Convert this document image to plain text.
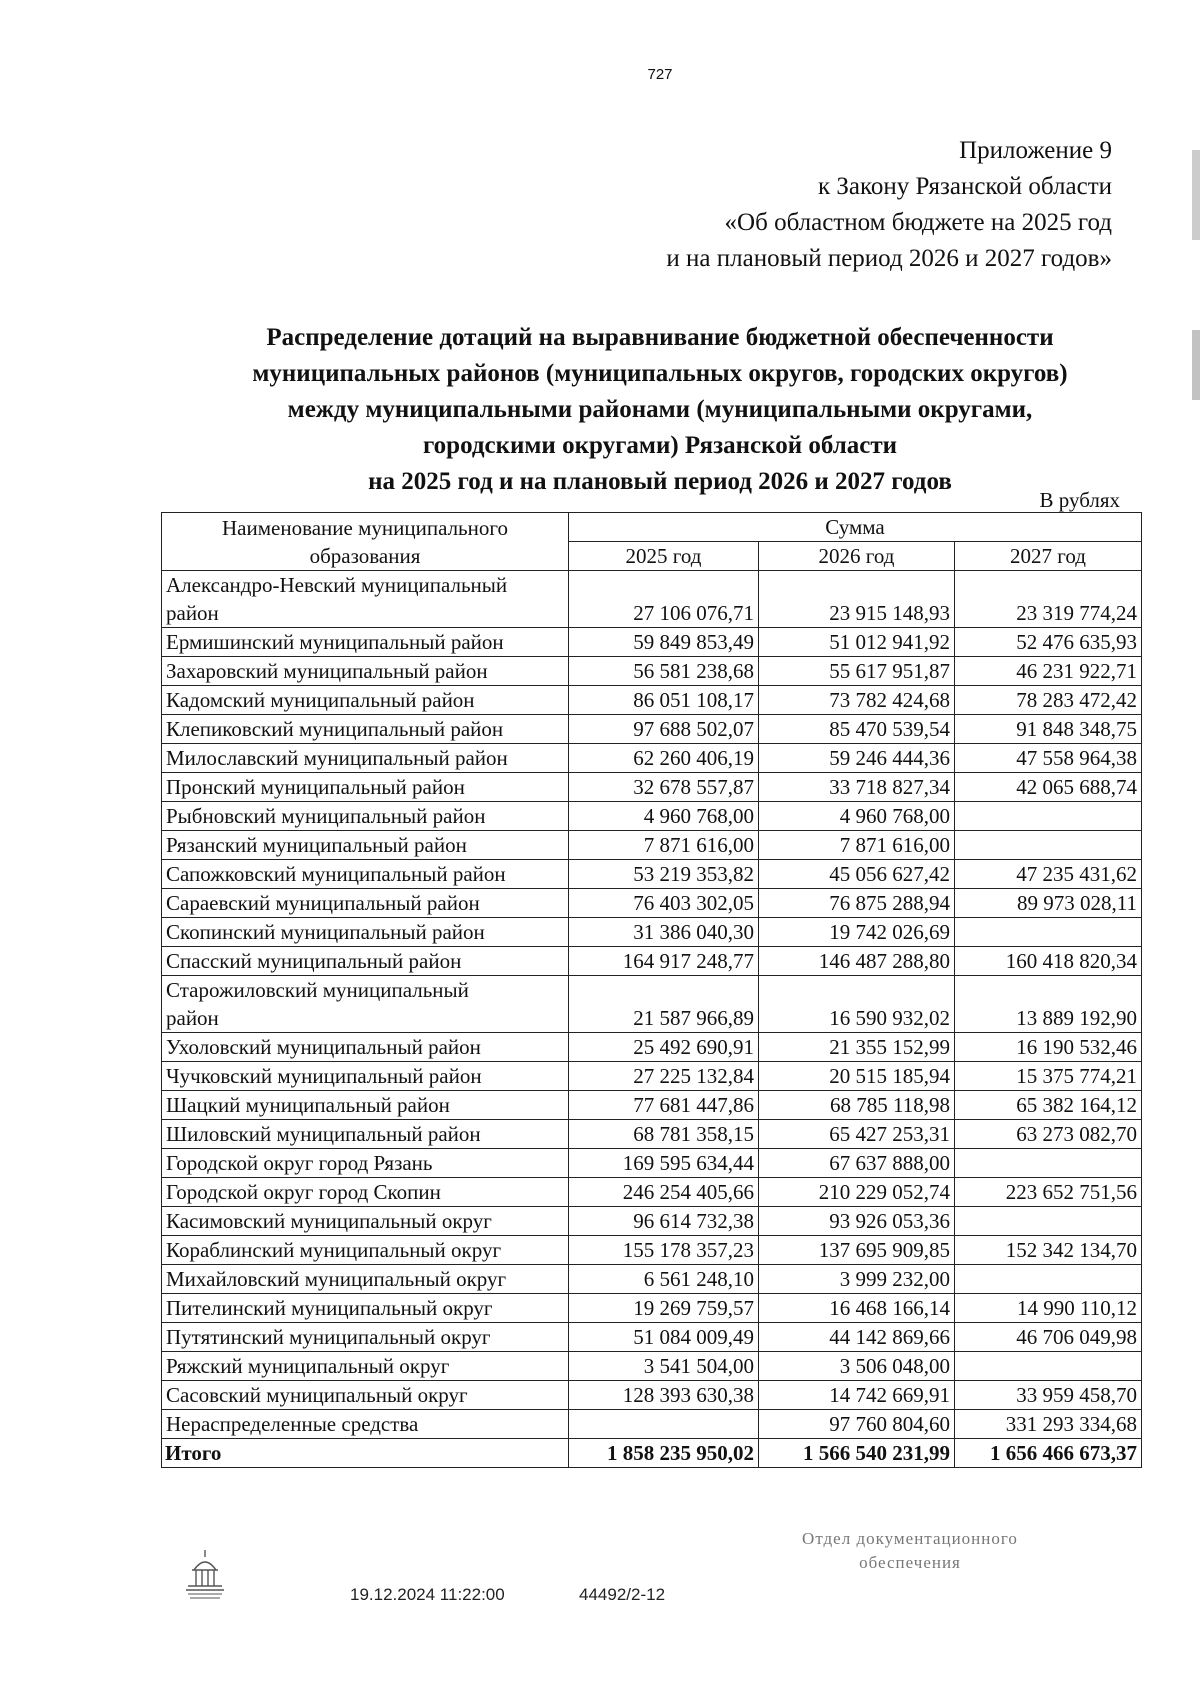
727
Приложение 9
к Закону Рязанской области
«Об областном бюджете на 2025 год
и на плановый период 2026 и 2027 годов»
Распределение дотаций на выравнивание бюджетной обеспеченности
муниципальных районов (муниципальных округов, городских округов)
между муниципальными районами (муниципальными округами,
городскими округами) Рязанской области
на 2025 год и на плановый период 2026 и 2027 годов
В рублях
Наименование муниципального
образования	Сумма		
	2025 год	2026 год	2027 год

Александро-Невский муниципальный
район	27 106 076,71	23 915 148,93	23 319 774,24
Ермишинский муниципальный район	59 849 853,49	51 012 941,92	52 476 635,93
Захаровский муниципальный район	56 581 238,68	55 617 951,87	46 231 922,71
Кадомский муниципальный район	86 051 108,17	73 782 424,68	78 283 472,42
Клепиковский муниципальный район	97 688 502,07	85 470 539,54	91 848 348,75
Милославский муниципальный район	62 260 406,19	59 246 444,36	47 558 964,38
Пронский муниципальный район	32 678 557,87	33 718 827,34	42 065 688,74
Рыбновский муниципальный район	4 960 768,00	4 960 768,00	
Рязанский муниципальный район	7 871 616,00	7 871 616,00	
Сапожковский муниципальный район	53 219 353,82	45 056 627,42	47 235 431,62
Сараевский муниципальный район	76 403 302,05	76 875 288,94	89 973 028,11
Скопинский муниципальный район	31 386 040,30	19 742 026,69	
Спасский муниципальный район	164 917 248,77	146 487 288,80	160 418 820,34

Старожиловский муниципальный
район	21 587 966,89	16 590 932,02	13 889 192,90
Ухоловский муниципальный район	25 492 690,91	21 355 152,99	16 190 532,46
Чучковский муниципальный район	27 225 132,84	20 515 185,94	15 375 774,21
Шацкий муниципальный район	77 681 447,86	68 785 118,98	65 382 164,12
Шиловский муниципальный район	68 781 358,15	65 427 253,31	63 273 082,70
Городской округ город Рязань	169 595 634,44	67 637 888,00	
Городской округ город Скопин	246 254 405,66	210 229 052,74	223 652 751,56
Касимовский муниципальный округ	96 614 732,38	93 926 053,36	
Кораблинский муниципальный округ	155 178 357,23	137 695 909,85	152 342 134,70
Михайловский муниципальный округ	6 561 248,10	3 999 232,00	
Пителинский муниципальный округ	19 269 759,57	16 468 166,14	14 990 110,12
Путятинский муниципальный округ	51 084 009,49	44 142 869,66	46 706 049,98
Ряжский муниципальный округ	3 541 504,00	3 506 048,00	
Сасовский муниципальный округ	128 393 630,38	14 742 669,91	33 959 458,70
Нераспределенные средства		97 760 804,60	331 293 334,68
Итого	1 858 235 950,02	1 566 540 231,99	1 656 466 673,37
19.12.2024 11:22:00	44492/2-12
Отдел документационного
обеспечения
